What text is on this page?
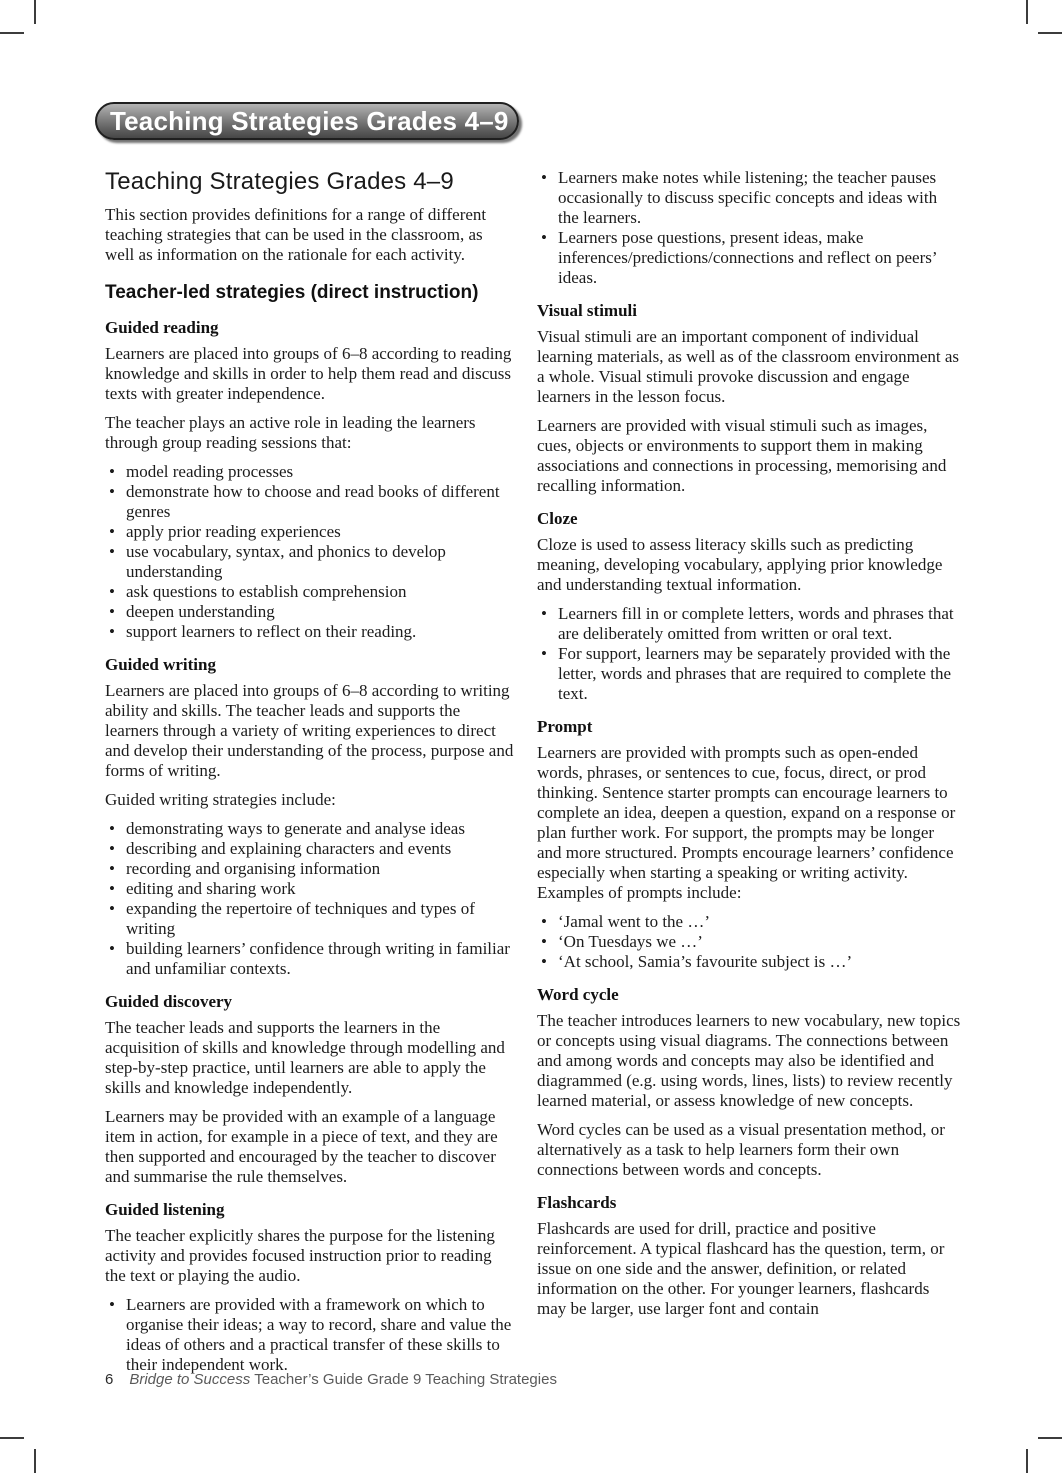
Teaching Strategies Grades 4–9
Teaching Strategies Grades 4–9

This section provides definitions for a range of different teaching strategies that can be used in the classroom, as well as information on the rationale for each activity.

Teacher-led strategies (direct instruction)
Guided reading

Learners are placed into groups of 6–8 according to reading knowledge and skills in order to help them read and discuss texts with greater independence.

The teacher plays an active role in leading the learners through group reading sessions that:

• model reading processes
• demonstrate how to choose and read books of different genres
• apply prior reading experiences
• use vocabulary, syntax, and phonics to develop understanding
• ask questions to establish comprehension
• deepen understanding
• support learners to reflect on their reading.
Guided writing

Learners are placed into groups of 6–8 according to writing ability and skills. The teacher leads and supports the learners through a variety of writing experiences to direct and develop their understanding of the process, purpose and forms of writing.

Guided writing strategies include:

• demonstrating ways to generate and analyse ideas
• describing and explaining characters and events
• recording and organising information
• editing and sharing work
• expanding the repertoire of techniques and types of writing
• building learners’ confidence through writing in familiar and unfamiliar contexts.
Guided discovery

The teacher leads and supports the learners in the acquisition of skills and knowledge through modelling and step-by-step practice, until learners are able to apply the skills and knowledge independently.

Learners may be provided with an example of a language item in action, for example in a piece of text, and they are then supported and encouraged by the teacher to discover and summarise the rule themselves.

Guided listening

The teacher explicitly shares the purpose for the listening activity and provides focused instruction prior to reading the text or playing the audio.

• Learners are provided with a framework on which to organise their ideas; a way to record, share and value the ideas of others and a practical transfer of these skills to their independent work.
• Learners make notes while listening; the teacher pauses occasionally to discuss specific concepts and ideas with the learners.
• Learners pose questions, present ideas, make inferences/predictions/connections and reflect on peers’ ideas.
Visual stimuli

Visual stimuli are an important component of individual learning materials, as well as of the classroom environment as a whole. Visual stimuli provoke discussion and engage learners in the lesson focus.

Learners are provided with visual stimuli such as images, cues, objects or environments to support them in making associations and connections in processing, memorising and recalling information.

Cloze

Cloze is used to assess literacy skills such as predicting meaning, developing vocabulary, applying prior knowledge and understanding textual information.

• Learners fill in or complete letters, words and phrases that are deliberately omitted from written or oral text.
• For support, learners may be separately provided with the letter, words and phrases that are required to complete the text.
Prompt

Learners are provided with prompts such as open-ended words, phrases, or sentences to cue, focus, direct, or prod thinking. Sentence starter prompts can encourage learners to complete an idea, deepen a question, expand on a response or plan further work. For support, the prompts may be longer and more structured. Prompts encourage learners’ confidence especially when starting a speaking or writing activity. Examples of prompts include:

• ‘Jamal went to the …’
• ‘On Tuesdays we …’
• ‘At school, Samia’s favourite subject is …’
Word cycle

The teacher introduces learners to new vocabulary, new topics or concepts using visual diagrams. The connections between and among words and concepts may also be identified and diagrammed (e.g. using words, lines, lists) to review recently learned material, or assess knowledge of new concepts.

Word cycles can be used as a visual presentation method, or alternatively as a task to help learners form their own connections between words and concepts.

Flashcards

Flashcards are used for drill, practice and positive reinforcement. A typical flashcard has the question, term, or issue on one side and the answer, definition, or related information on the other. For younger learners, flashcards may be larger, use larger font and contain

6 Bridge to Success Teacher’s Guide Grade 9 Teaching Strategies
